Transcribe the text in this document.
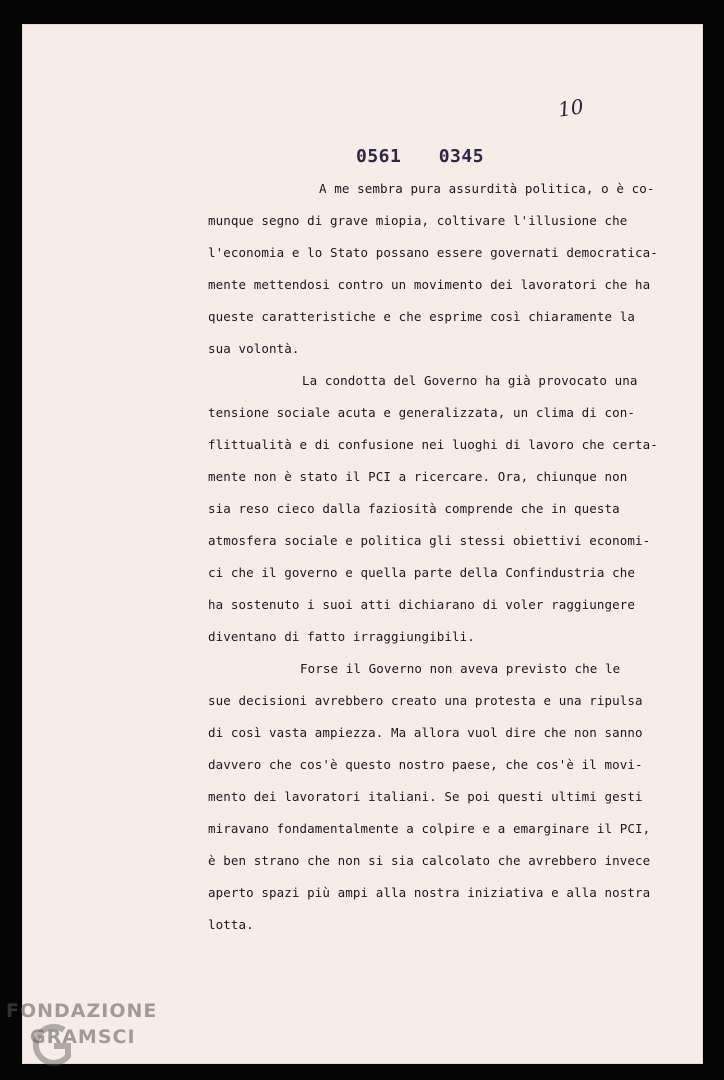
10
0561 0345
A me sembra pura assurdità politica, o è co-
munque segno di grave miopia, coltivare l'illusione che
l'economia e lo Stato possano essere governati democratica-
mente mettendosi contro un movimento dei lavoratori che ha
queste caratteristiche e che esprime così chiaramente la
sua volontà.
La condotta del Governo ha già provocato una
tensione sociale acuta e generalizzata, un clima di con-
flittualità e di confusione nei luoghi di lavoro che certa-
mente non è stato il PCI a ricercare. Ora, chiunque non
sia reso cieco dalla faziosità comprende che in questa
atmosfera sociale e politica gli stessi obiettivi economi-
ci che il governo e quella parte della Confindustria che
ha sostenuto i suoi atti dichiarano di voler raggiungere
diventano di fatto irraggiungibili.
Forse il Governo non aveva previsto che le
sue decisioni avrebbero creato una protesta e una ripulsa
di così vasta ampiezza. Ma allora vuol dire che non sanno
davvero che cos'è questo nostro paese, che cos'è il movi-
mento dei lavoratori italiani. Se poi questi ultimi gesti
miravano fondamentalmente a colpire e a emarginare il PCI,
è ben strano che non si sia calcolato che avrebbero invece
aperto spazi più ampi alla nostra iniziativa e alla nostra
lotta.
FONDAZIONE
GRAMSCI
